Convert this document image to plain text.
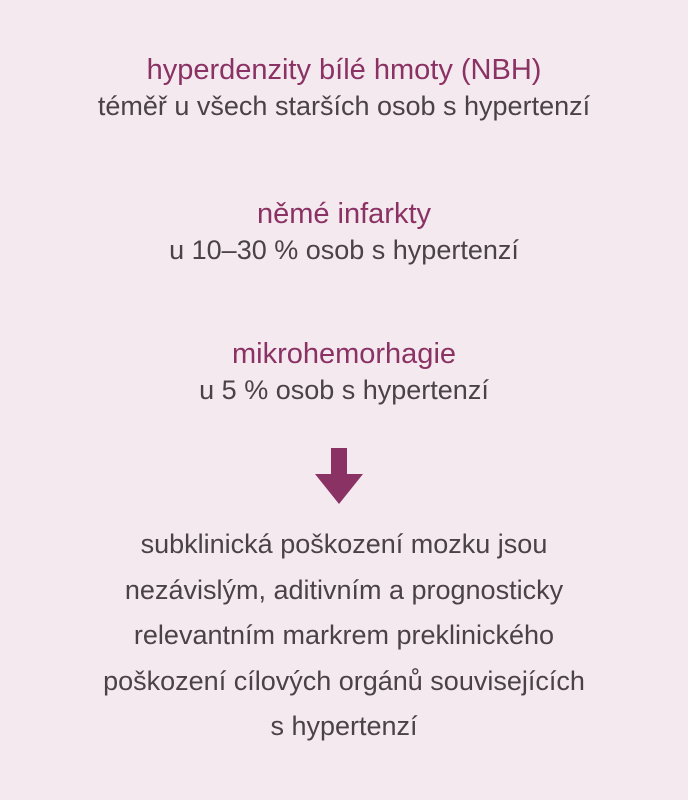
hyperdenzity bílé hmoty (NBH)
téměř u všech starších osob s hypertenzí
němé infarkty
u 10–30 % osob s hypertenzí
mikrohemorhagie
u 5 % osob s hypertenzí
subklinická poškození mozku jsou
nezávislým, aditivním a prognosticky
relevantním markrem preklinického
poškození cílových orgánů souvisejících
s hypertenzí
